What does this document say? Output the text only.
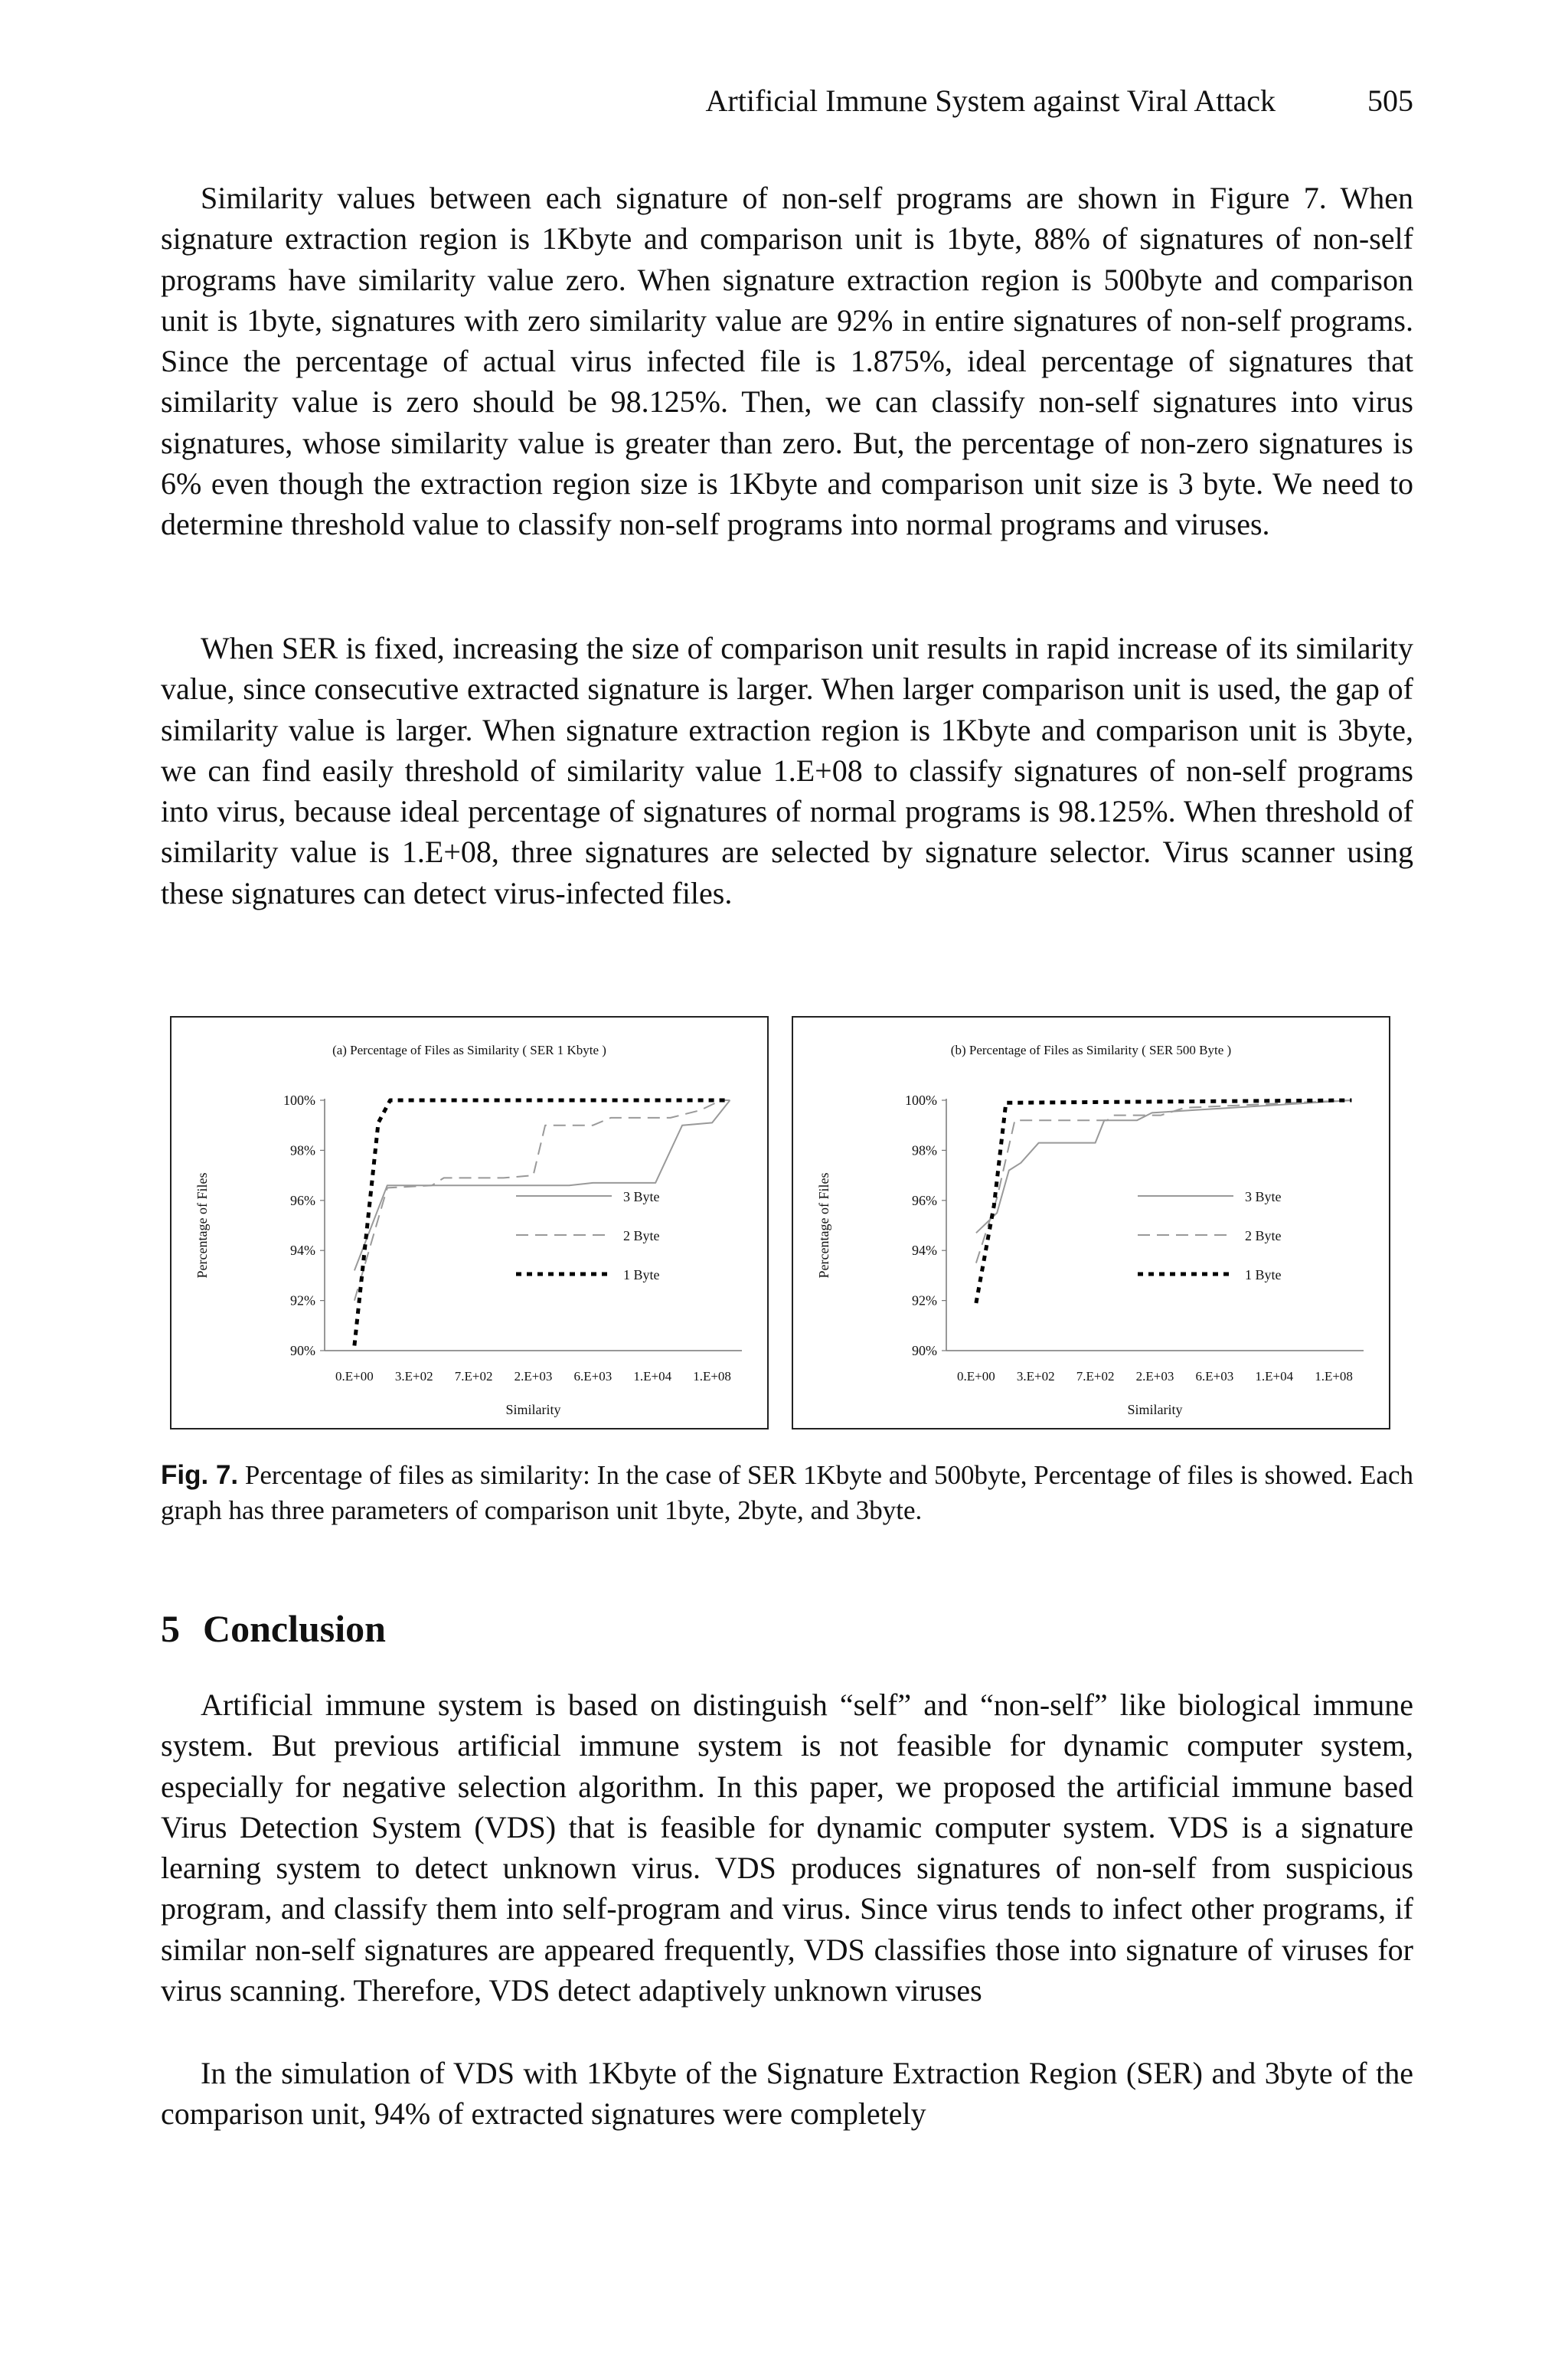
Artificial Immune System against Viral Attack	505

Similarity values between each signature of non-self programs are shown in Figure 7. When signature extraction region is 1Kbyte and comparison unit is 1byte, 88% of signatures of non-self programs have similarity value zero. When signature extraction region is 500byte and comparison unit is 1byte, signatures with zero similarity value are 92% in entire signatures of non-self programs. Since the percentage of actual virus infected file is 1.875%, ideal percentage of signatures that similarity value is zero should be 98.125%. Then, we can classify non-self signatures into virus signatures, whose similarity value is greater than zero. But, the percentage of non-zero signatures is 6% even though the extraction region size is 1Kbyte and comparison unit size is 3 byte. We need to determine threshold value to classify non-self programs into normal programs and viruses.

When SER is fixed, increasing the size of comparison unit results in rapid increase of its similarity value, since consecutive extracted signature is larger. When larger comparison unit is used, the gap of similarity value is larger. When signature extraction region is 1Kbyte and comparison unit is 3byte, we can find easily threshold of similarity value 1.E+08 to classify signatures of non-self programs into virus, because ideal percentage of signatures of normal programs is 98.125%. When threshold of similarity value is 1.E+08, three signatures are selected by signature selector. Virus scanner using these signatures can detect virus-infected files.

(a) Percentage of Files as Similarity ( SER 1 Kbyte )
90%
92%
94%
96%
98%
100%
0.E+00 3.E+02 7.E+02 2.E+03 6.E+03 1.E+04 1.E+08
Similarity
Percentage of Files	3 Byte
2 Byte
1 Byte
(b) Percentage of Files as Similarity ( SER 500 Byte )
90%
92%
94%
96%
98%
100%
0.E+00 3.E+02 7.E+02 2.E+03 6.E+03 1.E+04 1.E+08
Similarity
Percentage of Files	3 Byte
2 Byte
1 Byte

Fig. 7. Percentage of files as similarity: In the case of SER 1Kbyte and 500byte, Percentage of files is showed. Each graph has three parameters of comparison unit 1byte, 2byte, and 3byte.

5 Conclusion

Artificial immune system is based on distinguish “self” and “non-self” like biological immune system. But previous artificial immune system is not feasible for dynamic computer system, especially for negative selection algorithm. In this paper, we proposed the artificial immune based Virus Detection System (VDS) that is feasible for dynamic computer system. VDS is a signature learning system to detect unknown virus. VDS produces signatures of non-self from suspicious program, and classify them into self-program and virus. Since virus tends to infect other programs, if similar non-self signatures are appeared frequently, VDS classifies those into signature of viruses for virus scanning. Therefore, VDS detect adaptively unknown viruses

In the simulation of VDS with 1Kbyte of the Signature Extraction Region (SER) and 3byte of the comparison unit, 94% of extracted signatures were completely
